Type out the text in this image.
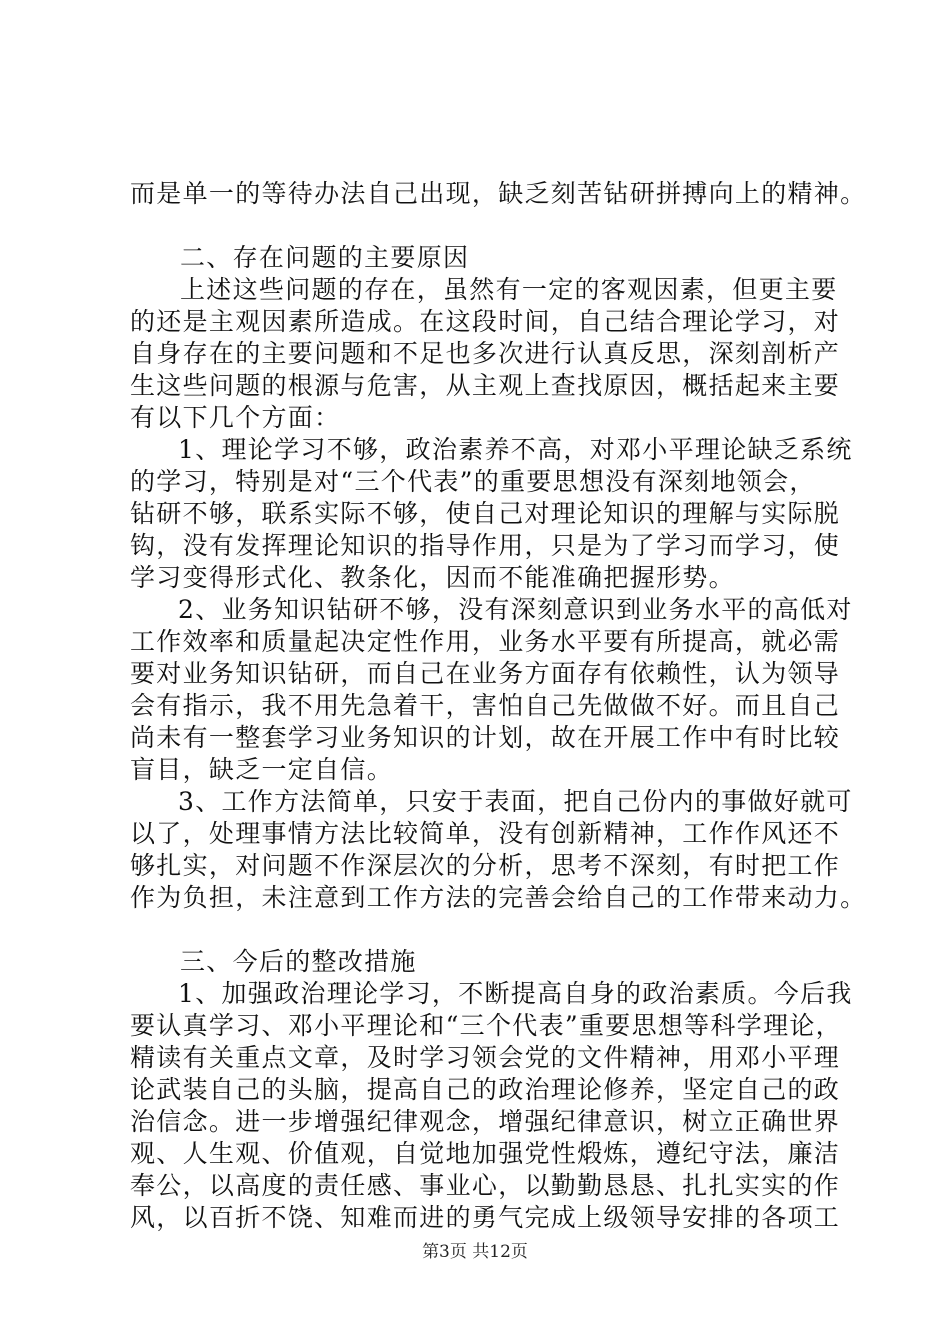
而是单一的等待办法自己出现，缺乏刻苦钻研拼搏向上的精神。
二、存在问题的主要原因
上述这些问题的存在，虽然有一定的客观因素，但更主要
的还是主观因素所造成。在这段时间，自己结合理论学习，对
自身存在的主要问题和不足也多次进行认真反思，深刻剖析产
生这些问题的根源与危害，从主观上查找原因，概括起来主要
有以下几个方面：
1、理论学习不够，政治素养不高，对邓小平理论缺乏系统
的学习，特别是对“三个代表”的重要思想没有深刻地领会，
钻研不够，联系实际不够，使自己对理论知识的理解与实际脱
钩，没有发挥理论知识的指导作用，只是为了学习而学习，使
学习变得形式化、教条化，因而不能准确把握形势。
2、业务知识钻研不够，没有深刻意识到业务水平的高低对
工作效率和质量起决定性作用，业务水平要有所提高，就必需
要对业务知识钻研，而自己在业务方面存有依赖性，认为领导
会有指示，我不用先急着干，害怕自己先做做不好。而且自己
尚未有一整套学习业务知识的计划，故在开展工作中有时比较
盲目，缺乏一定自信。
3、工作方法简单，只安于表面，把自己份内的事做好就可
以了，处理事情方法比较简单，没有创新精神，工作作风还不
够扎实，对问题不作深层次的分析，思考不深刻，有时把工作
作为负担，未注意到工作方法的完善会给自己的工作带来动力。
三、今后的整改措施
1、加强政治理论学习，不断提高自身的政治素质。今后我
要认真学习、邓小平理论和“三个代表”重要思想等科学理论，
精读有关重点文章，及时学习领会党的文件精神，用邓小平理
论武装自己的头脑，提高自己的政治理论修养，坚定自己的政
治信念。进一步增强纪律观念，增强纪律意识，树立正确世界
观、人生观、价值观，自觉地加强党性煅炼，遵纪守法，廉洁
奉公，以高度的责任感、事业心，以勤勤恳恳、扎扎实实的作
风，以百折不饶、知难而进的勇气完成上级领导安排的各项工
第3页 共12页
